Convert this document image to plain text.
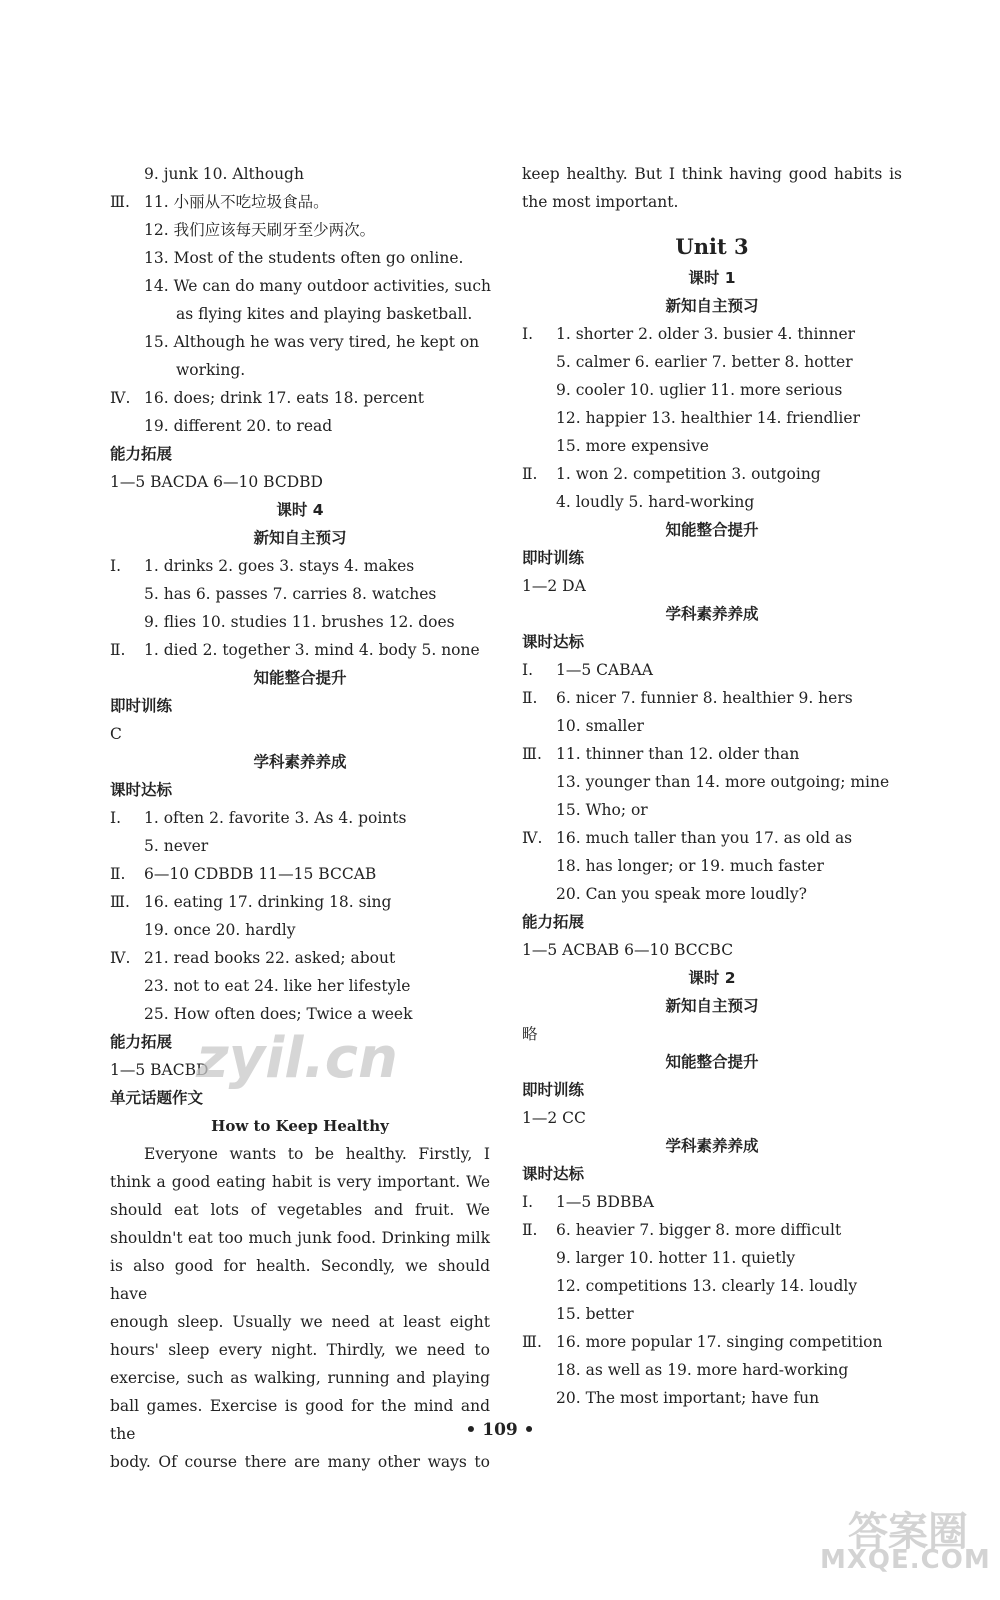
9. junk 10. Although
Ⅲ. 11. 小丽从不吃垃圾食品。
12. 我们应该每天刷牙至少两次。
13. Most of the students often go online.
14. We can do many outdoor activities, such
as flying kites and playing basketball.
15. Although he was very tired, he kept on
working.
Ⅳ. 16. does; drink 17. eats 18. percent
19. different 20. to read
能力拓展
1—5 BACDA 6—10 BCDBD
课时 4
新知自主预习
Ⅰ. 1. drinks 2. goes 3. stays 4. makes
5. has 6. passes 7. carries 8. watches
9. flies 10. studies 11. brushes 12. does
Ⅱ. 1. died 2. together 3. mind 4. body 5. none
知能整合提升
即时训练
C
学科素养养成
课时达标
Ⅰ. 1. often 2. favorite 3. As 4. points
5. never
Ⅱ. 6—10 CDBDB 11—15 BCCAB
Ⅲ. 16. eating 17. drinking 18. sing
19. once 20. hardly
Ⅳ. 21. read books 22. asked; about
23. not to eat 24. like her lifestyle
25. How often does; Twice a week
能力拓展
1—5 BACBD
单元话题作文
How to Keep Healthy
Everyone wants to be healthy. Firstly, I
think a good eating habit is very important. We
should eat lots of vegetables and fruit. We
shouldn't eat too much junk food. Drinking milk
is also good for health. Secondly, we should have
enough sleep. Usually we need at least eight
hours' sleep every night. Thirdly, we need to
exercise, such as walking, running and playing
ball games. Exercise is good for the mind and the
body. Of course there are many other ways to
keep healthy. But I think having good habits is
the most important.
Unit 3
课时 1
新知自主预习
Ⅰ. 1. shorter 2. older 3. busier 4. thinner
5. calmer 6. earlier 7. better 8. hotter
9. cooler 10. uglier 11. more serious
12. happier 13. healthier 14. friendlier
15. more expensive
Ⅱ. 1. won 2. competition 3. outgoing
4. loudly 5. hard-working
知能整合提升
即时训练
1—2 DA
学科素养养成
课时达标
Ⅰ. 1—5 CABAA
Ⅱ. 6. nicer 7. funnier 8. healthier 9. hers
10. smaller
Ⅲ. 11. thinner than 12. older than
13. younger than 14. more outgoing; mine
15. Who; or
Ⅳ. 16. much taller than you 17. as old as
18. has longer; or 19. much faster
20. Can you speak more loudly?
能力拓展
1—5 ACBAB 6—10 BCCBC
课时 2
新知自主预习
略
知能整合提升
即时训练
1—2 CC
学科素养养成
课时达标
Ⅰ. 1—5 BDBBA
Ⅱ. 6. heavier 7. bigger 8. more difficult
9. larger 10. hotter 11. quietly
12. competitions 13. clearly 14. loudly
15. better
Ⅲ. 16. more popular 17. singing competition
18. as well as 19. more hard-working
20. The most important; have fun
• 109 •
zyil.cn
答案圈
MXQE.COM
